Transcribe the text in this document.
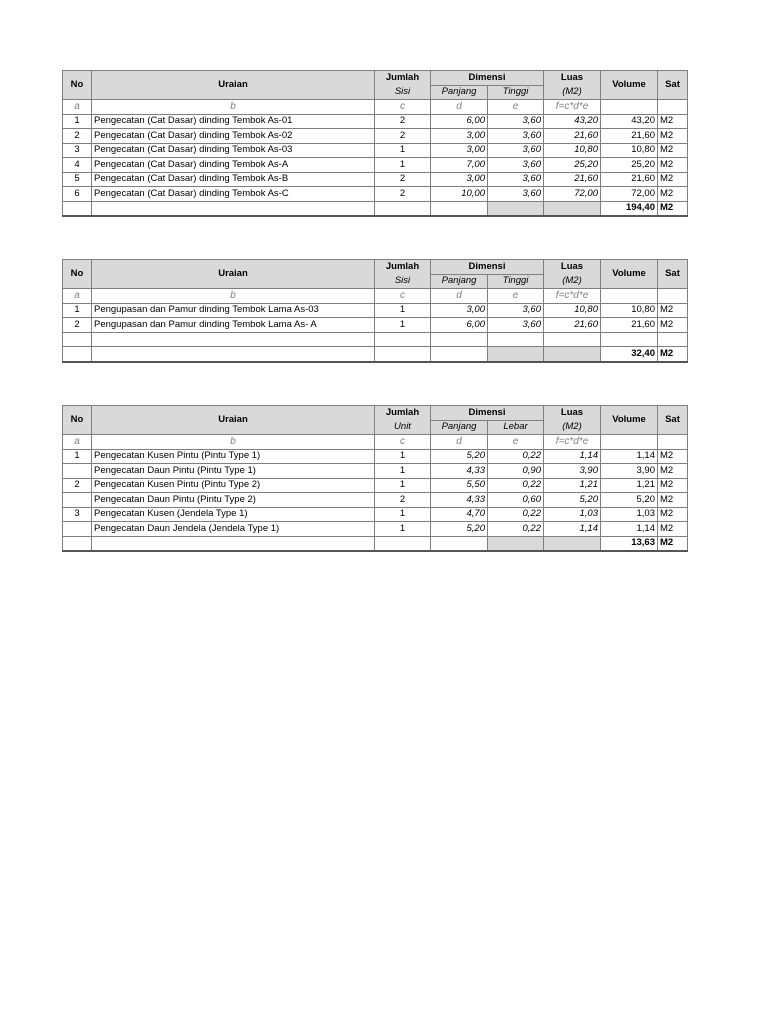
No	Uraian	Jumlah	Dimensi		Luas	Volume	Sat
		Sisi	Panjang	Tinggi	(M2)		
a	b	c	d	e	f=c*d*e		
1	Pengecatan (Cat Dasar) dinding Tembok As-01	2	6,00	3,60	43,20	43,20	M2
2	Pengecatan (Cat Dasar) dinding Tembok As-02	2	3,00	3,60	21,60	21,60	M2
3	Pengecatan (Cat Dasar) dinding Tembok As-03	1	3,00	3,60	10,80	10,80	M2
4	Pengecatan (Cat Dasar) dinding Tembok As-A	1	7,00	3,60	25,20	25,20	M2
5	Pengecatan (Cat Dasar) dinding Tembok As-B	2	3,00	3,60	21,60	21,60	M2
6	Pengecatan (Cat Dasar) dinding Tembok As-C	2	10,00	3,60	72,00	72,00	M2
						194,40	M2
No	Uraian	Jumlah	Dimensi		Luas	Volume	Sat
		Sisi	Panjang	Tinggi	(M2)		
a	b	c	d	e	f=c*d*e		
1	Pengupasan dan Pamur dinding Tembok Lama As-03	1	3,00	3,60	10,80	10,80	M2
2	Pengupasan dan Pamur dinding Tembok Lama As- A	1	6,00	3,60	21,60	21,60	M2

						32,40	M2
No	Uraian	Jumlah	Dimensi		Luas	Volume	Sat
		Unit	Panjang	Lebar	(M2)		
a	b	c	d	e	f=c*d*e		
1	Pengecatan Kusen Pintu (Pintu Type 1)	1	5,20	0,22	1,14	1,14	M2
	Pengecatan Daun Pintu (Pintu Type 1)	1	4,33	0,90	3,90	3,90	M2
2	Pengecatan Kusen Pintu (Pintu Type 2)	1	5,50	0,22	1,21	1,21	M2
	Pengecatan Daun Pintu (Pintu Type 2)	2	4,33	0,60	5,20	5,20	M2
3	Pengecatan Kusen (Jendela Type 1)	1	4,70	0,22	1,03	1,03	M2
	Pengecatan Daun Jendela (Jendela Type 1)	1	5,20	0,22	1,14	1,14	M2
						13,63	M2
